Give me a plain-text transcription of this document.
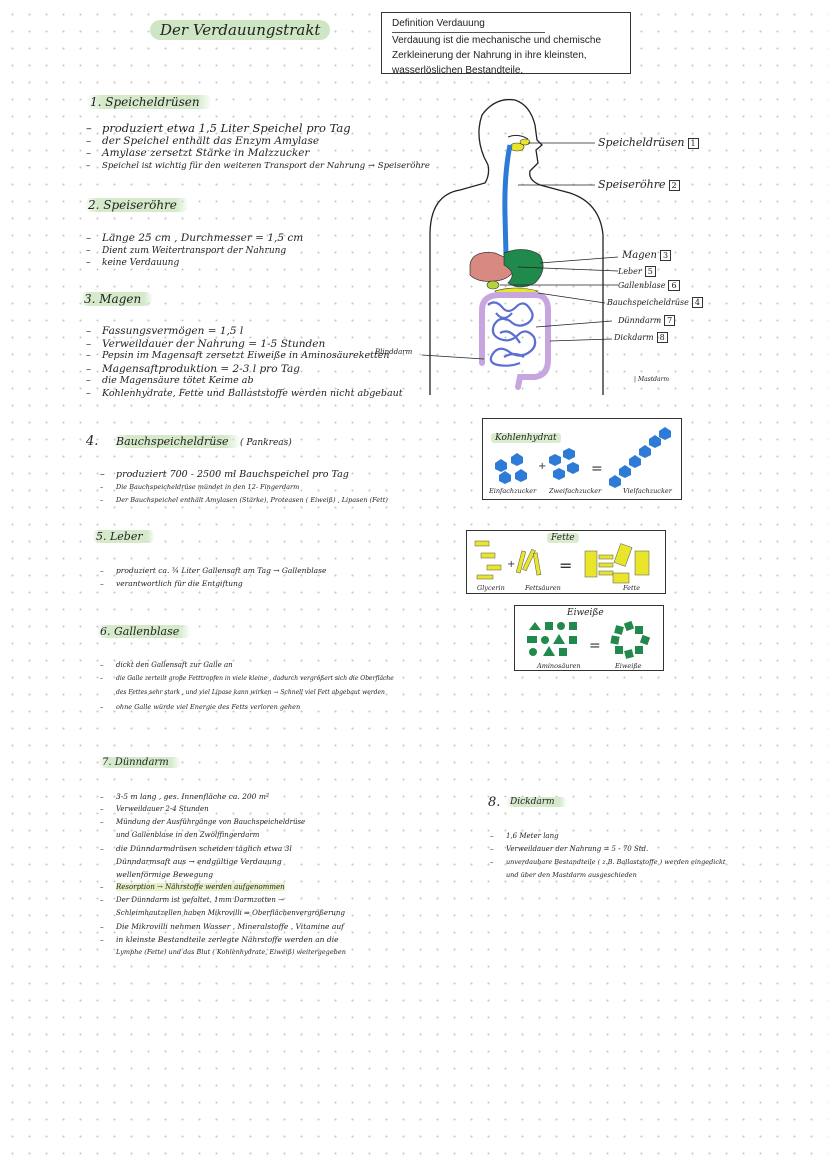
Der Verdauungstrakt	Definition Verdauung
Verdauung ist die mechanische und chemische
Zerkleinerung der Nahrung in ihre kleinsten,
wasserlöslichen Bestandteile.
1. Speicheldrüsen
– produziert etwa 1,5 Liter Speichel pro Tag
– der Speichel enthält das Enzym Amylase
– Amylase zersetzt Stärke in Malzzucker
– Speichel ist wichtig für den weiteren Transport der Nahrung → Speiseröhre
2. Speiseröhre
– Länge 25 cm , Durchmesser = 1,5 cm
– Dient zum Weitertransport der Nahrung
– keine Verdauung
3. Magen
– Fassungsvermögen = 1,5 l
– Verweildauer der Nahrung = 1-5 Stunden
– Pepsin im Magensaft zersetzt Eiweiße in Aminosäureketten
– Magensaftproduktion = 2-3 l pro Tag
– die Magensäure tötet Keime ab
– Kohlenhydrate, Fette und Ballaststoffe werden nicht abgebaut
4.	Bauchspeicheldrüse	( Pankreas)
– produziert 700 - 2500 ml Bauchspeichel pro Tag
– Die Bauchspeicheldrüse mündet in den 12- Fingerdarm
– Der Bauchspeichel enthält Amylasen (Stärke), Proteasen ( Eiweiß) , Lipasen (Fett)
5. Leber
– produziert ca. ¾ Liter Gallensaft am Tag → Gallenblase
– verantwortlich für die Entgiftung
6. Gallenblase
– dickt den Gallensaft zur Galle an
– die Galle zerteilt große Fetttropfen in viele kleine , dadurch vergrößert sich die Oberfläche
des Fettes sehr stark , und viel Lipase kann wirken → Schnell viel Fett abgebaut werden
– ohne Galle würde viel Energie des Fetts verloren gehen
7. Dünndarm
– 3-5 m lang , ges. Innenfläche ca. 200 m²
– Verweildauer 2-4 Stunden
– Mündung der Ausführgänge von Bauchspeicheldrüse
und Gallenblase in den Zwölffingerdarm
– die Dünndarmdrüsen scheiden täglich etwa 3l
Dünndarmsaft aus → endgültige Verdauung
wellenförmige Bewegung
– Resorption → Nährstoffe werden aufgenommen
– Der Dünndarm ist gefaltet, 1mm Darmzotten →
Schleimhautzellen haben Mikrovilli ⇒ Oberflächenvergrößerung
– Die Mikrovilli nehmen Wasser , Mineralstoffe , Vitamine auf
– in kleinste Bestandteile zerlegte Nährstoffe werden an die
Lymphe (Fette) und das Blut ( Kohlenhydrate, Eiweiß) weitergegeben
8.	Dickdarm
– 1,6 Meter lang
– Verweildauer der Nahrung = 5 - 70 Std.
– unverdaubare Bestandteile ( z.B. Ballaststoffe ) werden eingedickt
und über den Mastdarm ausgeschieden
Speicheldrüsen 1
Speiseröhre 2
Magen 3
Leber 5
Gallenblase 6
Bauchspeicheldrüse 4
Dünndarm 7
Dickdarm 8
Blinddarm
| Mastdarm
Kohlenhydrat
+	=
Einfachzucker Zweifachzucker	Vielfachzucker
Fette
+	=
Glycerin	Fettsäuren	Fette
Eiweiße
=
Aminosäuren	Eiweiße
